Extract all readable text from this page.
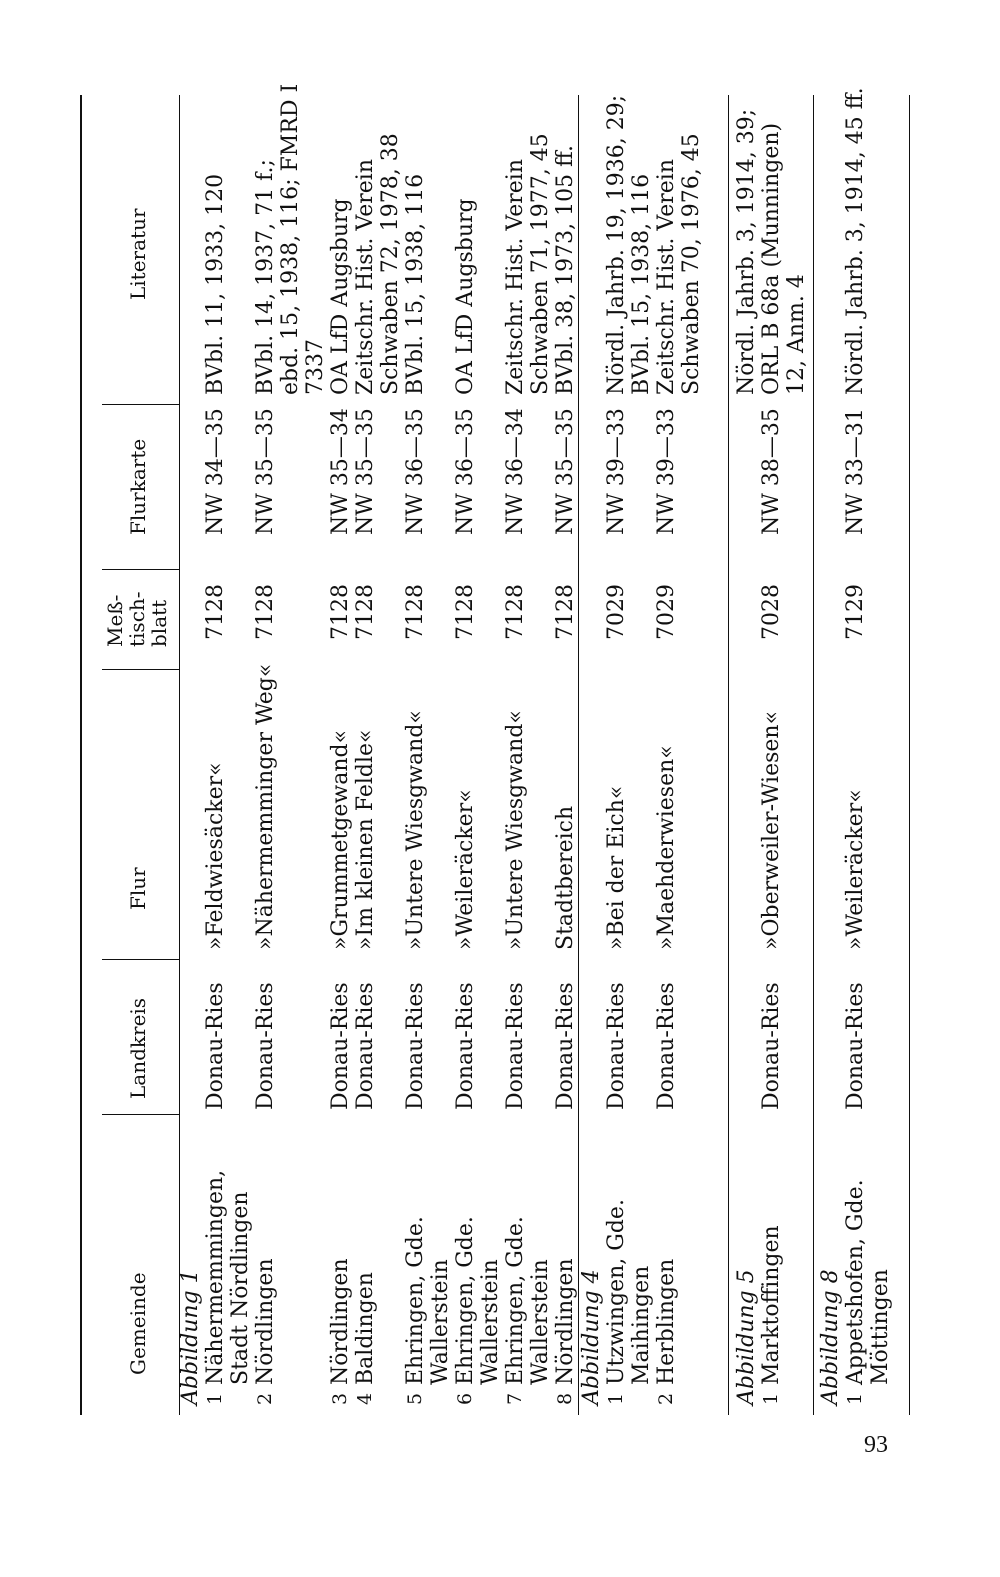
Gemeinde
Landkreis
Flur
Meß-
tisch-
blatt
Flurkarte
Literatur
Abbildung 1 1
Nähermemmingen, Stadt Nördlingen
Donau-Ries
»Feldwiesäcker«
7128
NW 34—35
BVbl. 11, 1933, 120
2
Nördlingen
Donau-Ries
»Nähermemminger Weg«
7128
NW 35—35
BVbl. 14, 1937, 71 f.; ebd. 15, 1938, 116; FMRD I 7337
3
Nördlingen
Donau-Ries
»Grummetgewand«
7128
NW 35—34
OA LfD Augsburg
4
Baldingen
Donau-Ries
»Im kleinen Feldle«
7128
NW 35—35
Zeitschr. Hist. Verein Schwaben 72, 1978, 38
5
Ehringen, Gde. Wallerstein
Donau-Ries
»Untere Wiesgwand«
7128
NW 36—35
BVbl. 15, 1938, 116
6
Ehringen, Gde. Wallerstein
Donau-Ries
»Weileräcker«
7128
NW 36—35
OA LfD Augsburg
7
Ehringen, Gde. Wallerstein
Donau-Ries
»Untere Wiesgwand«
7128
NW 36—34
Zeitschr. Hist. Verein Schwaben 71, 1977, 45
8
Nördlingen
Donau-Ries
Stadtbereich
7128
NW 35—35
BVbl. 38, 1973, 105 ff.
Abbildung 4 1
Utzwingen, Gde. Maihingen
Donau-Ries
»Bei der Eich«
7029
NW 39—33
Nördl. Jahrb. 19, 1936, 29; BVbl. 15, 1938, 116
2
Herblingen
Donau-Ries
»Maehderwiesen«
7029
NW 39—33
Zeitschr. Hist. Verein Schwaben 70, 1976, 45
Abbildung 5 1
Marktoffingen
Donau-Ries
»Oberweiler-Wiesen«
7028
NW 38—35
Nördl. Jahrb. 3, 1914, 39; ORL B 68a (Munningen) 12, Anm. 4
Abbildung 8 1
Appetshofen, Gde. Möttingen
Donau-Ries
»Weileräcker«
7129
NW 33—31
Nördl. Jahrb. 3, 1914, 45 ff.
93
